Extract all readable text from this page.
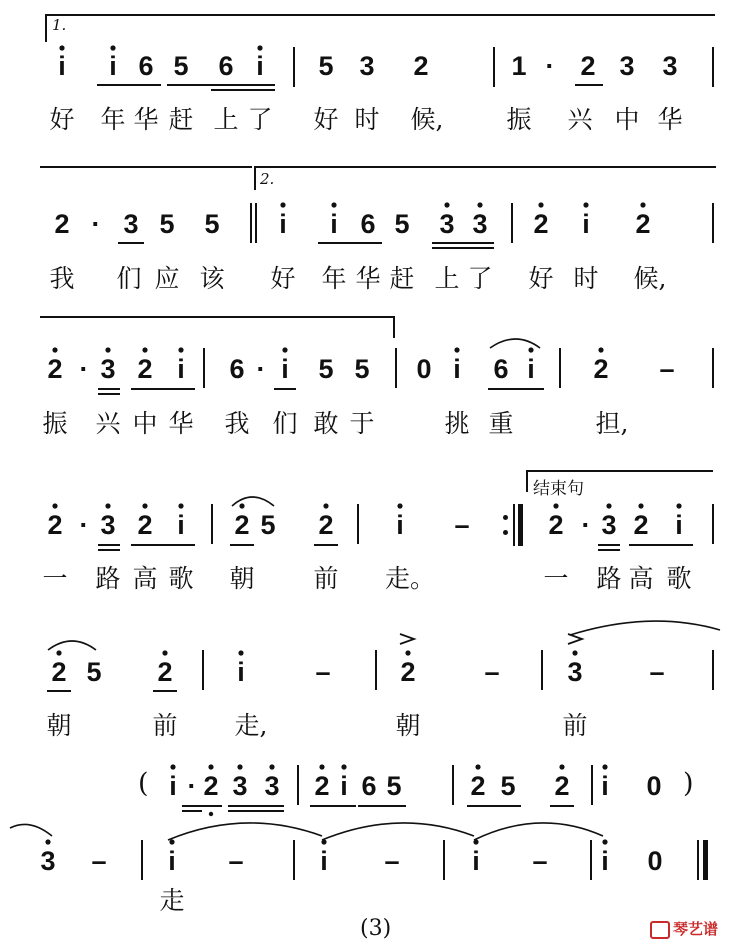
1.
i i 6 5 6 i 5 3 2	1 · 2 3 3
好 年 华 赶 上 了 好 时 候,	振 兴 中 华
2.
2 · 3 5 5 i i 6 5 3 3 2 i 2
我 们 应 该 好 年 华 赶 上 了 好 时 候,
2 · 3 2 i 6 · i 5 5 0 i 6 i 2 –
振 兴 中 华 我 们 敢 于	挑 重	担,
结束句
2 · 3 2 i 2 5 2 i –	2 · 3 2 i
一 路 高 歌 朝 前 走。	一 路 高 歌
2 5 2 i	–	2	–	3 –
朝	前 走,	朝	前
( i · 2 3 3 2 i 6 5	2 5 2 i 0 )
3 – i –	i –	i – i 0
走
(3)	琴艺谱
